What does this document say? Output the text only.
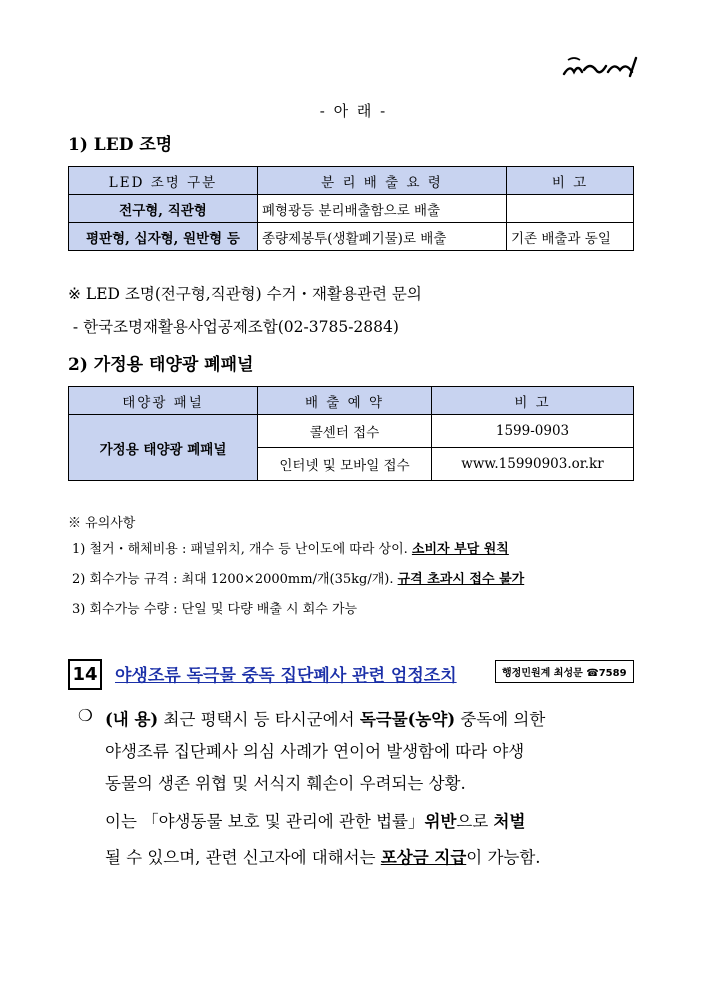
- 아 래 -
1) LED 조명
LED 조명 구분	분 리 배 출 요 령	비 고
전구형, 직관형	폐형광등 분리배출함으로 배출	
평판형, 십자형, 원반형 등	종량제봉투(생활폐기물)로 배출	기존 배출과 동일
※ LED 조명(전구형,직관형) 수거・재활용관련 문의
- 한국조명재활용사업공제조합(02-3785-2884)
2) 가정용 태양광 폐패널
태양광 패널	배 출 예 약	비 고
가정용 태양광 폐패널	콜센터 접수	1599-0903
	인터넷 및 모바일 접수	www.15990903.or.kr
※ 유의사항
1) 철거・해체비용 : 패널위치, 개수 등 난이도에 따라 상이. 소비자 부담 원칙
2) 회수가능 규격 : 최대 1200×2000mm/개(35kg/개). 규격 초과시 접수 불가
3) 회수가능 수량 : 단일 및 다량 배출 시 회수 가능
14 야생조류 독극물 중독 집단폐사 관련 엄정조치	행정민원계 최성문 ☎7589
❍ (내 용) 최근 평택시 등 타시군에서 독극물(농약) 중독에 의한
야생조류 집단폐사 의심 사례가 연이어 발생함에 따라 야생
동물의 생존 위협 및 서식지 훼손이 우려되는 상황.
이는 「야생동물 보호 및 관리에 관한 법률」위반으로 처벌
될 수 있으며, 관련 신고자에 대해서는 포상금 지급이 가능함.
